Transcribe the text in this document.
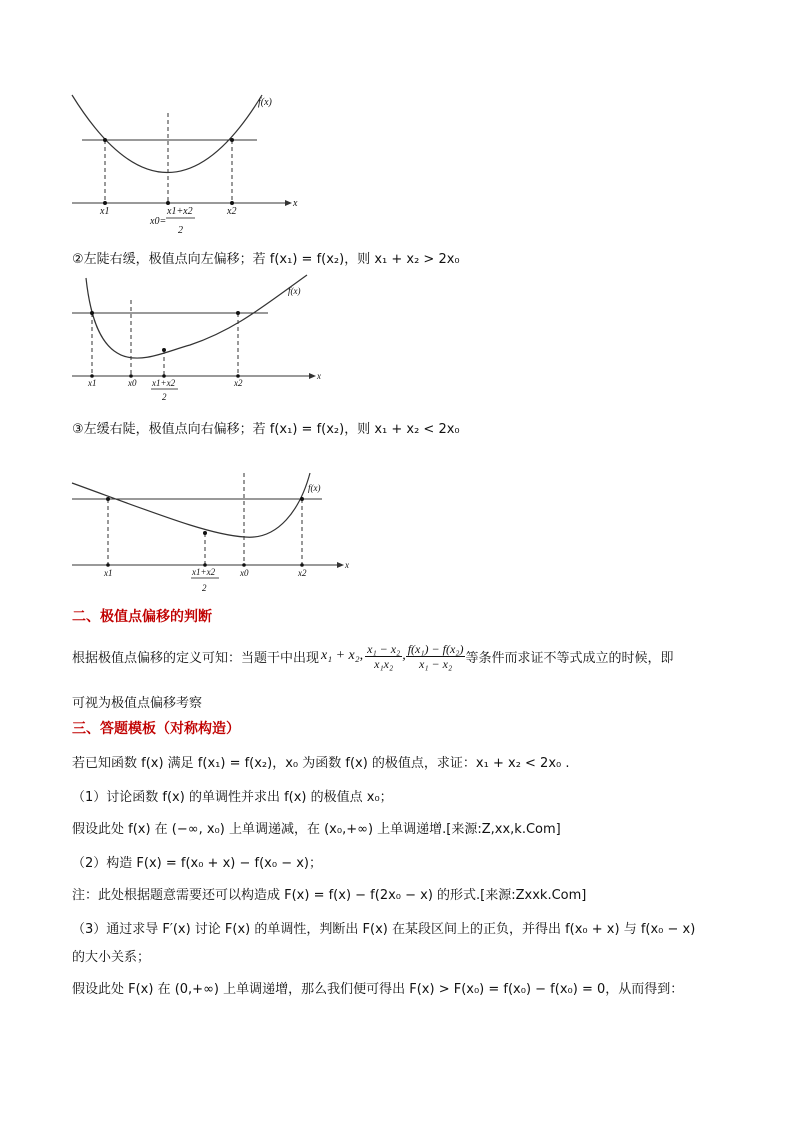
f(x)
x
x1	x2
x0=
x1+x2
2
②左陡右缓，极值点向左偏移；若 f(x₁) = f(x₂)，则 x₁ + x₂ > 2x₀
f(x)
x
x1	x0 x1+x2
2
x2
③左缓右陡，极值点向右偏移；若 f(x₁) = f(x₂)，则 x₁ + x₂ < 2x₀
f(x)
x
x1	x1+x2
2
x0	x2
二、极值点偏移的判断
根据极值点偏移的定义可知：当题干中出现 x₁ + x₂, $\frac{\text{x₁ − x₂}}{\text{x₁x₂}}$ , $\frac{\text{f(x₁) − f(x₂)}}{\text{x₁ − x₂}}$ 等条件而求证不等式成立的时候，即
可视为极值点偏移考察
三、答题模板（对称构造）
若已知函数 f(x) 满足 f(x₁) = f(x₂)，x₀ 为函数 f(x) 的极值点，求证：x₁ + x₂ < 2x₀ .
（1）讨论函数 f(x) 的单调性并求出 f(x) 的极值点 x₀；
假设此处 f(x) 在 (−∞, x₀) 上单调递减，在 (x₀,+∞) 上单调递增.[来源:Z,xx,k.Com]
（2）构造 F(x) = f(x₀ + x) − f(x₀ − x)；
注：此处根据题意需要还可以构造成 F(x) = f(x) − f(2x₀ − x) 的形式.[来源:Zxxk.Com]
（3）通过求导 F′(x) 讨论 F(x) 的单调性，判断出 F(x) 在某段区间上的正负，并得出 f(x₀ + x) 与 f(x₀ − x)
的大小关系；
假设此处 F(x) 在 (0,+∞) 上单调递增，那么我们便可得出 F(x) > F(x₀) = f(x₀) − f(x₀) = 0，从而得到：
